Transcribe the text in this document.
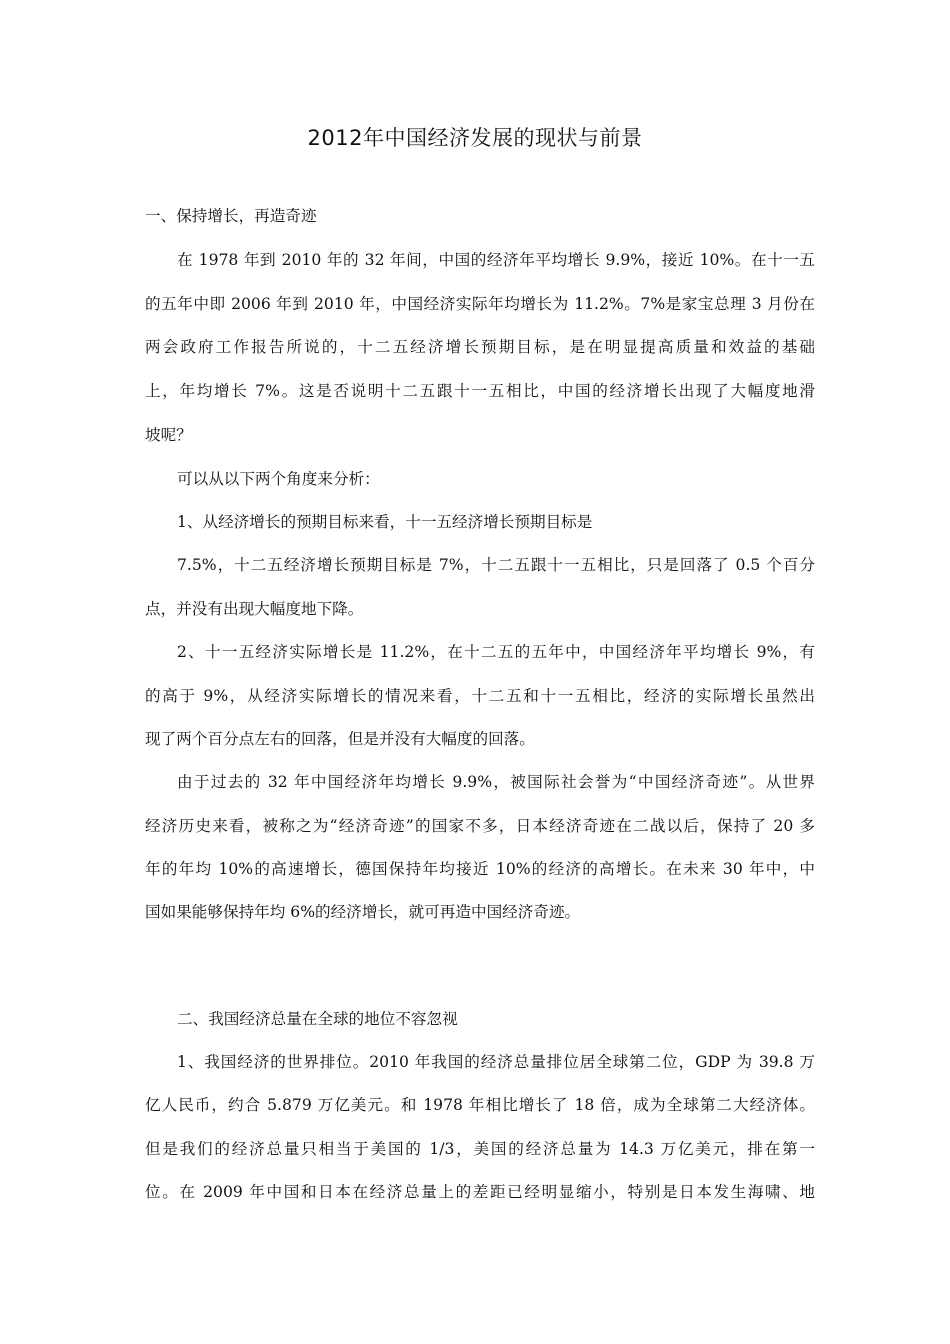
2012年中国经济发展的现状与前景
一、保持增长，再造奇迹
在 1978 年到 2010 年的 32 年间，中国的经济年平均增长 9.9%，接近 10%。在十一五
的五年中即 2006 年到 2010 年，中国经济实际年均增长为 11.2%。7%是家宝总理 3 月份在
两会政府工作报告所说的，十二五经济增长预期目标，是在明显提高质量和效益的基础
上，年均增长 7%。这是否说明十二五跟十一五相比，中国的经济增长出现了大幅度地滑
坡呢？
可以从以下两个角度来分析：
1、从经济增长的预期目标来看，十一五经济增长预期目标是
7.5%，十二五经济增长预期目标是 7%，十二五跟十一五相比，只是回落了 0.5 个百分
点，并没有出现大幅度地下降。
2、十一五经济实际增长是 11.2%，在十二五的五年中，中国经济年平均增长 9%，有
的高于 9%，从经济实际增长的情况来看，十二五和十一五相比，经济的实际增长虽然出
现了两个百分点左右的回落，但是并没有大幅度的回落。
由于过去的 32 年中国经济年均增长 9.9%，被国际社会誉为“中国经济奇迹”。从世界
经济历史来看，被称之为“经济奇迹”的国家不多，日本经济奇迹在二战以后，保持了 20 多
年的年均 10%的高速增长，德国保持年均接近 10%的经济的高增长。在未来 30 年中，中
国如果能够保持年均 6%的经济增长，就可再造中国经济奇迹。
二、我国经济总量在全球的地位不容忽视
1、我国经济的世界排位。2010 年我国的经济总量排位居全球第二位，GDP 为 39.8 万
亿人民币，约合 5.879 万亿美元。和 1978 年相比增长了 18 倍，成为全球第二大经济体。
但是我们的经济总量只相当于美国的 1/3，美国的经济总量为 14.3 万亿美元，排在第一
位。在 2009 年中国和日本在经济总量上的差距已经明显缩小，特别是日本发生海啸、地
